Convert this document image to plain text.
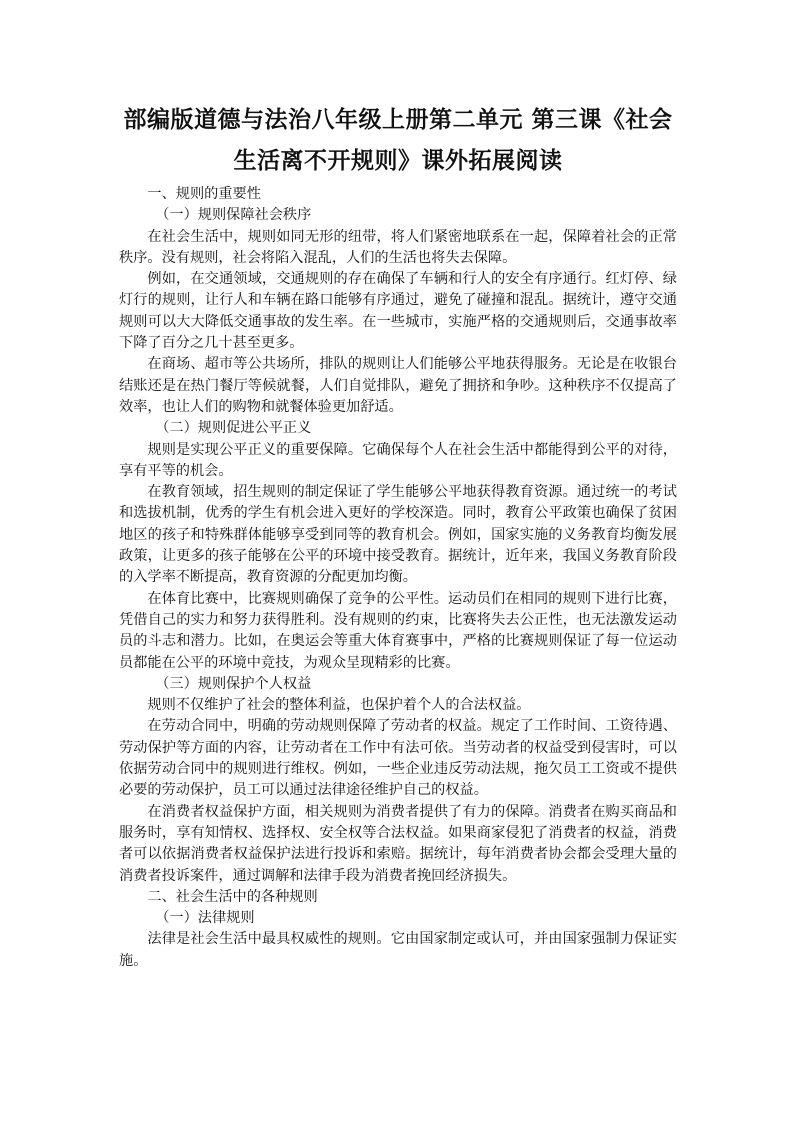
部编版道德与法治八年级上册第二单元 第三课《社会生活离不开规则》课外拓展阅读

一、规则的重要性

（一）规则保障社会秩序

在社会生活中，规则如同无形的纽带，将人们紧密地联系在一起，保障着社会的正常秩序。没有规则，社会将陷入混乱，人们的生活也将失去保障。

例如，在交通领域，交通规则的存在确保了车辆和行人的安全有序通行。红灯停、绿灯行的规则，让行人和车辆在路口能够有序通过，避免了碰撞和混乱。据统计，遵守交通规则可以大大降低交通事故的发生率。在一些城市，实施严格的交通规则后，交通事故率下降了百分之几十甚至更多。

在商场、超市等公共场所，排队的规则让人们能够公平地获得服务。无论是在收银台结账还是在热门餐厅等候就餐，人们自觉排队，避免了拥挤和争吵。这种秩序不仅提高了效率，也让人们的购物和就餐体验更加舒适。

（二）规则促进公平正义

规则是实现公平正义的重要保障。它确保每个人在社会生活中都能得到公平的对待，享有平等的机会。

在教育领域，招生规则的制定保证了学生能够公平地获得教育资源。通过统一的考试和选拔机制，优秀的学生有机会进入更好的学校深造。同时，教育公平政策也确保了贫困地区的孩子和特殊群体能够享受到同等的教育机会。例如，国家实施的义务教育均衡发展政策，让更多的孩子能够在公平的环境中接受教育。据统计，近年来，我国义务教育阶段的入学率不断提高，教育资源的分配更加均衡。

在体育比赛中，比赛规则确保了竞争的公平性。运动员们在相同的规则下进行比赛，凭借自己的实力和努力获得胜利。没有规则的约束，比赛将失去公正性，也无法激发运动员的斗志和潜力。比如，在奥运会等重大体育赛事中，严格的比赛规则保证了每一位运动员都能在公平的环境中竞技，为观众呈现精彩的比赛。

（三）规则保护个人权益

规则不仅维护了社会的整体利益，也保护着个人的合法权益。

在劳动合同中，明确的劳动规则保障了劳动者的权益。规定了工作时间、工资待遇、劳动保护等方面的内容，让劳动者在工作中有法可依。当劳动者的权益受到侵害时，可以依据劳动合同中的规则进行维权。例如，一些企业违反劳动法规，拖欠员工工资或不提供必要的劳动保护，员工可以通过法律途径维护自己的权益。

在消费者权益保护方面，相关规则为消费者提供了有力的保障。消费者在购买商品和服务时，享有知情权、选择权、安全权等合法权益。如果商家侵犯了消费者的权益，消费者可以依据消费者权益保护法进行投诉和索赔。据统计，每年消费者协会都会受理大量的消费者投诉案件，通过调解和法律手段为消费者挽回经济损失。

二、社会生活中的各种规则

（一）法律规则

法律是社会生活中最具权威性的规则。它由国家制定或认可，并由国家强制力保证实施。
